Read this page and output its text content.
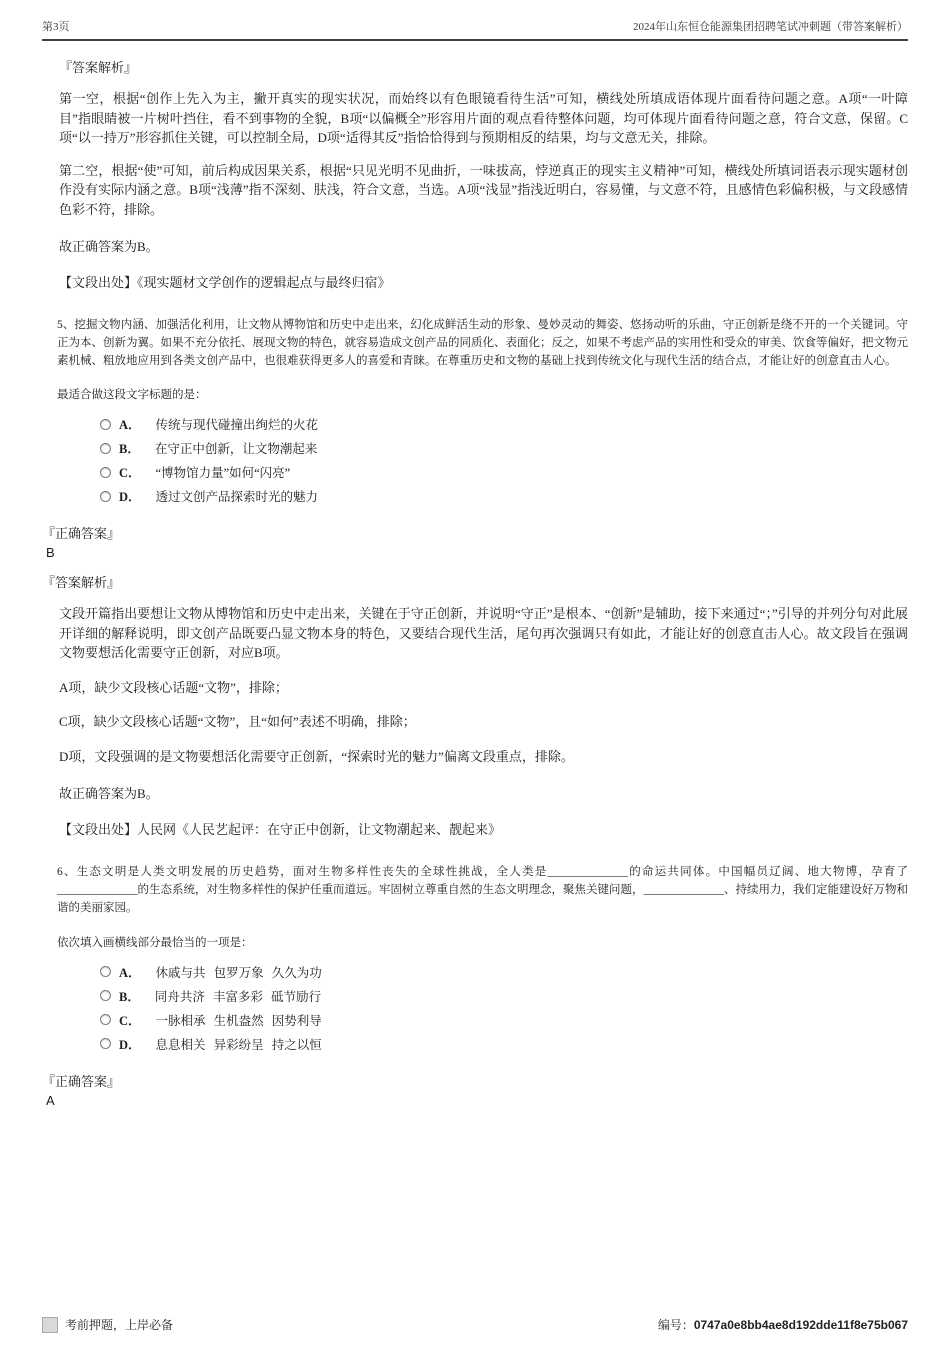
第3页	2024年山东恒仓能源集团招聘笔试冲刺题（带答案解析）
『答案解析』

第一空，根据“创作上先入为主，撇开真实的现实状况，而始终以有色眼镜看待生活”可知，横线处所填成语体现片面看待问题之意。A项“一叶障目”指眼睛被一片树叶挡住，看不到事物的全貌，B项“以偏概全”形容用片面的观点看待整体问题，均可体现片面看待问题之意，符合文意，保留。C项“以一持万”形容抓住关键，可以控制全局，D项“适得其反”指恰恰得到与预期相反的结果，均与文意无关，排除。

第二空，根据“使”可知，前后构成因果关系，根据“只见光明不见曲折，一味拔高，悖逆真正的现实主义精神”可知，横线处所填词语表示现实题材创作没有实际内涵之意。B项“浅薄”指不深刻、肤浅，符合文意，当选。A项“浅显”指浅近明白，容易懂，与文意不符，且感情色彩偏积极，与文段感情色彩不符，排除。

故正确答案为B。
【文段出处】《现实题材文学创作的逻辑起点与最终归宿》

5、挖掘文物内涵、加强活化利用，让文物从博物馆和历史中走出来，幻化成鲜活生动的形象、曼妙灵动的舞姿、悠扬动听的乐曲，守正创新是绕不开的一个关键词。守正为本、创新为翼。如果不充分依托、展现文物的特色，就容易造成文创产品的同质化、表面化；反之，如果不考虑产品的实用性和受众的审美、饮食等偏好，把文物元素机械、粗放地应用到各类文创产品中，也很难获得更多人的喜爱和青睐。在尊重历史和文物的基础上找到传统文化与现代生活的结合点，才能让好的创意直击人心。

最适合做这段文字标题的是：
A． 传统与现代碰撞出绚烂的火花
B． 在守正中创新，让文物潮起来
C． “博物馆力量”如何“闪亮”
D． 透过文创产品探索时光的魅力
『正确答案』
B
『答案解析』

文段开篇指出要想让文物从博物馆和历史中走出来，关键在于守正创新，并说明“守正”是根本、“创新”是辅助，接下来通过“；”引导的并列分句对此展开详细的解释说明，即文创产品既要凸显文物本身的特色，又要结合现代生活，尾句再次强调只有如此，才能让好的创意直击人心。故文段旨在强调文物要想活化需要守正创新，对应B项。

A项，缺少文段核心话题“文物”，排除；

C项，缺少文段核心话题“文物”，且“如何”表述不明确，排除；

D项，文段强调的是文物要想活化需要守正创新，“探索时光的魅力”偏离文段重点，排除。

故正确答案为B。
【文段出处】人民网《人民艺起评：在守正中创新，让文物潮起来、靓起来》

6、生态文明是人类文明发展的历史趋势，面对生物多样性丧失的全球性挑战，全人类是______________的命运共同体。中国幅员辽阔、地大物博，孕育了______________的生态系统，对生物多样性的保护任重而道远。牢固树立尊重自然的生态文明理念，聚焦关键问题，______________、持续用力，我们定能建设好万物和谐的美丽家园。

依次填入画横线部分最恰当的一项是：
A． 休戚与共 包罗万象 久久为功
B． 同舟共济 丰富多彩 砥节励行
C． 一脉相承 生机盎然 因势利导
D． 息息相关 异彩纷呈 持之以恒
『正确答案』
A
考前押题，上岸必备	编号：0747a0e8bb4ae8d192dde11f8e75b067
